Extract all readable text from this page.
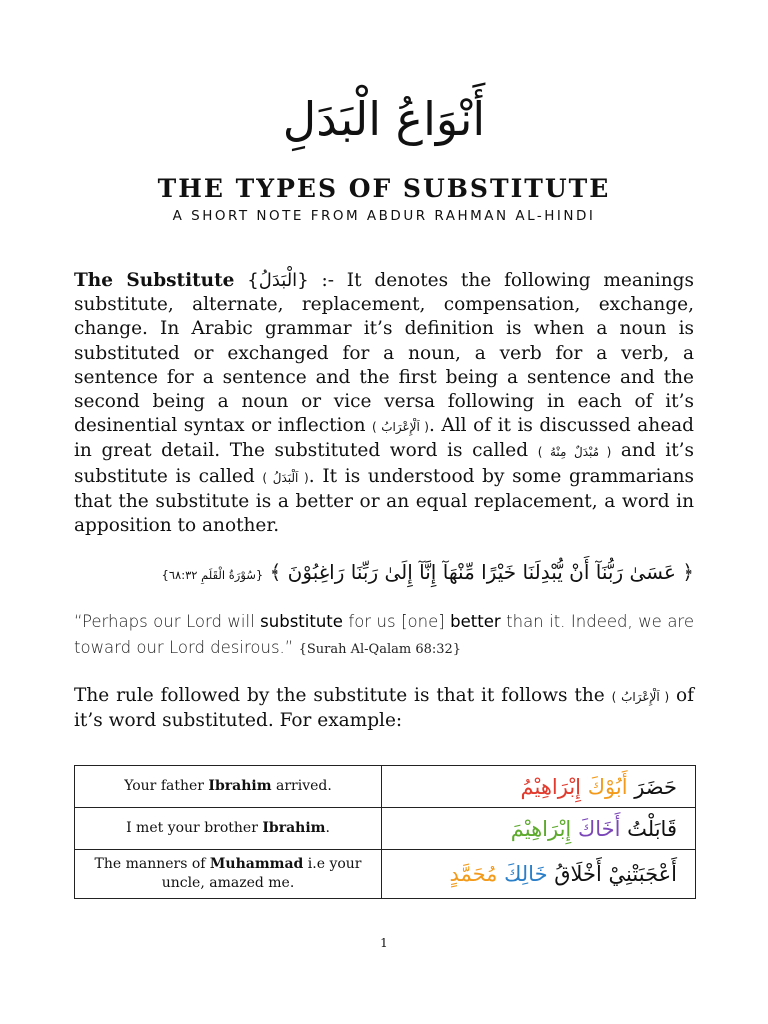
أَنْوَاعُ الْبَدَلِ
THE TYPES OF SUBSTITUTE
A SHORT NOTE FROM ABDUR RAHMAN AL-HINDI
The Substitute {الْبَدَلُ} :- It denotes the following meanings substitute, alternate, replacement, compensation, exchange, change. In Arabic grammar it’s definition is when a noun is substituted or exchanged for a noun, a verb for a verb, a sentence for a sentence and the first being a sentence and the second being a noun or vice versa following in each of it’s desinential syntax or inflection ( اَلْإِعْرَابُ ). All of it is discussed ahead in great detail. The substituted word is called ( مُبْدَلٌ مِنْهُ ) and it’s substitute is called ( اَلْبَدَلُ ). It is understood by some grammarians that the substitute is a better or an equal replacement, a word in apposition to another.
﴿ عَسَىٰ رَبُّنَآ أَنْ يُّبْدِلَنَا خَيْرًا مِّنْهَآ إِنَّآ إِلَىٰ رَبِّنَا رَاغِبُوْنَ ﴾ {سُوْرَةُ الْقَلَمِ ٦٨:٣٢}
“Perhaps our Lord will substitute for us [one] better than it. Indeed, we are toward our Lord desirous.” {Surah Al-Qalam 68:32}
The rule followed by the substitute is that it follows the ( اَلْإِعْرَابُ ) of it’s word substituted. For example:
Your father Ibrahim arrived.	حَضَرَ أَبُوْكَ إِبْرَاهِيْمُ
I met your brother Ibrahim.	قَابَلْتُ أَخَاكَ إِبْرَاهِيْمَ
The manners of Muhammad i.e your uncle, amazed me.	أَعْجَبَتْنِيْ أَخْلَاقُ خَالِكَ مُحَمَّدٍ
1
